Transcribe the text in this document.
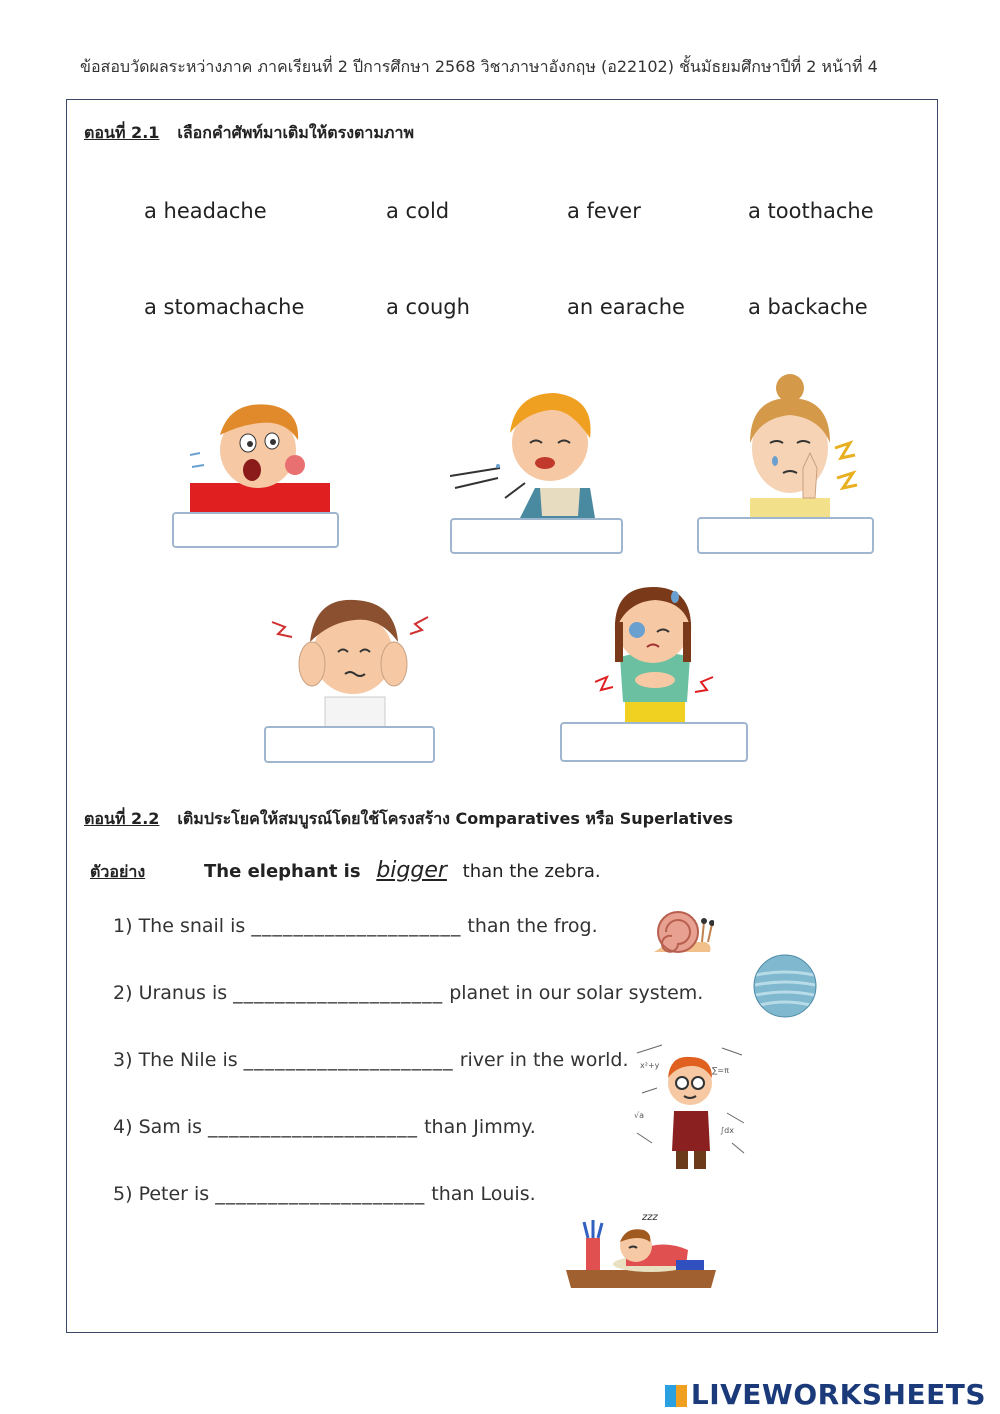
ข้อสอบวัดผลระหว่างภาค ภาคเรียนที่ 2 ปีการศึกษา 2568 วิชาภาษาอังกฤษ (อ22102) ชั้นมัธยมศึกษาปีที่ 2 หน้าที่ 4
ตอนที่ 2.1 เลือกคำศัพท์มาเติมให้ตรงตามภาพ
a headache	a cold	a fever	a toothache
a stomachache	a cough	an earache	a backache
ตอนที่ 2.2 เติมประโยคให้สมบูรณ์โดยใช้โครงสร้าง Comparatives หรือ Superlatives
ตัวอย่าง	The elephant is bigger than the zebra.
1) The snail is ____________________ than the frog.
2) Uranus is ____________________ planet in our solar system.
3) The Nile is ____________________ river in the world.
4) Sam is ____________________ than Jimmy.
5) Peter is ____________________ than Louis.
x²+y
∑=π
√a
∫dx
zzz
LIVEWORKSHEETS
